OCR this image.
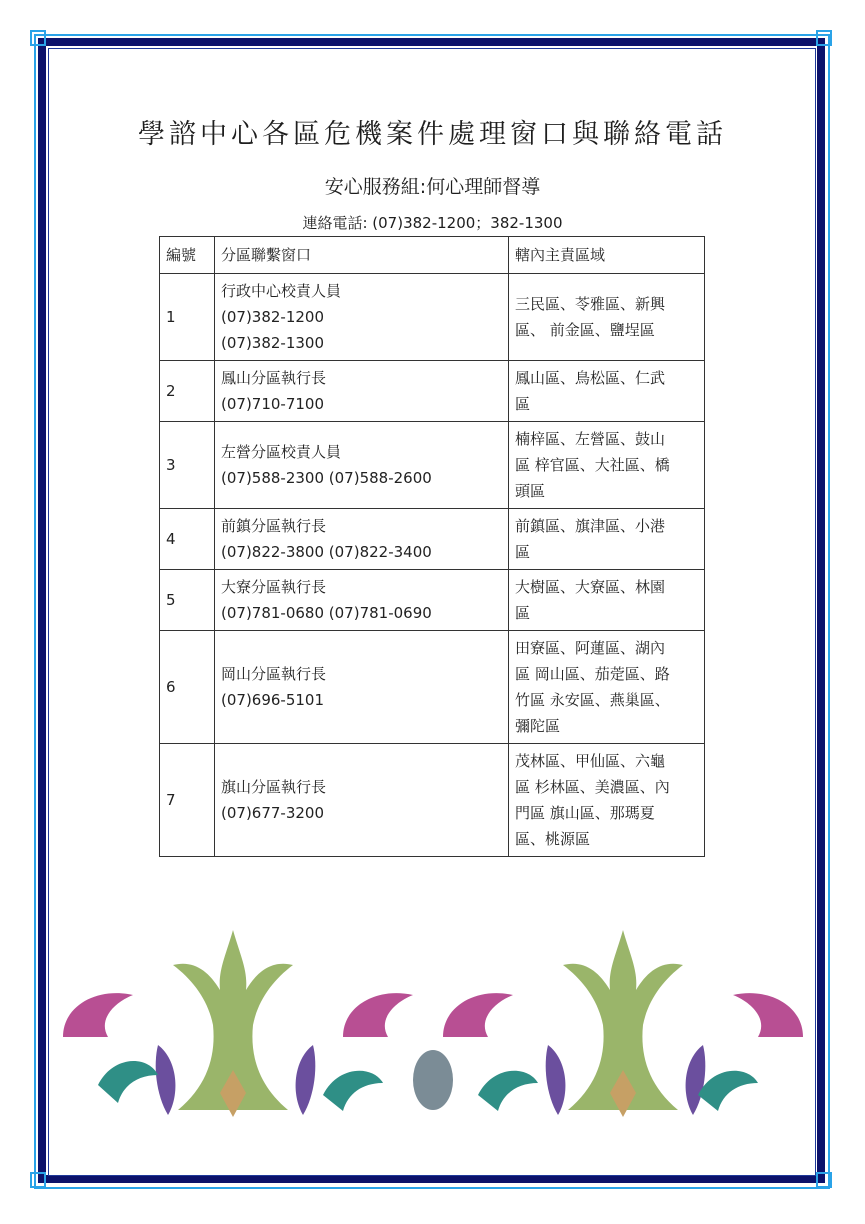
學諮中心各區危機案件處理窗口與聯絡電話
安心服務組:何心理師督導
連絡電話: (07)382-1200；382-1300
編號	分區聯繫窗口	轄內主責區域
1	行政中心校責人員
(07)382-1200
(07)382-1300	三民區、苓雅區、新興
區、 前金區、鹽埕區

2	鳳山分區執行長
(07)710-7100	鳳山區、鳥松區、仁武
區

3	左營分區校責人員
(07)588-2300 (07)588-2600	楠梓區、左營區、鼓山
區 梓官區、大社區、橋
頭區

4	前鎮分區執行長
(07)822-3800 (07)822-3400	前鎮區、旗津區、小港
區

5	大寮分區執行長
(07)781-0680 (07)781-0690	大樹區、大寮區、林園
區

6	岡山分區執行長
(07)696-5101	田寮區、阿蓮區、湖內
區 岡山區、茄萣區、路
竹區 永安區、燕巢區、
彌陀區

7	旗山分區執行長
(07)677-3200	茂林區、甲仙區、六龜
區 杉林區、美濃區、內
門區 旗山區、那瑪夏
區、桃源區
